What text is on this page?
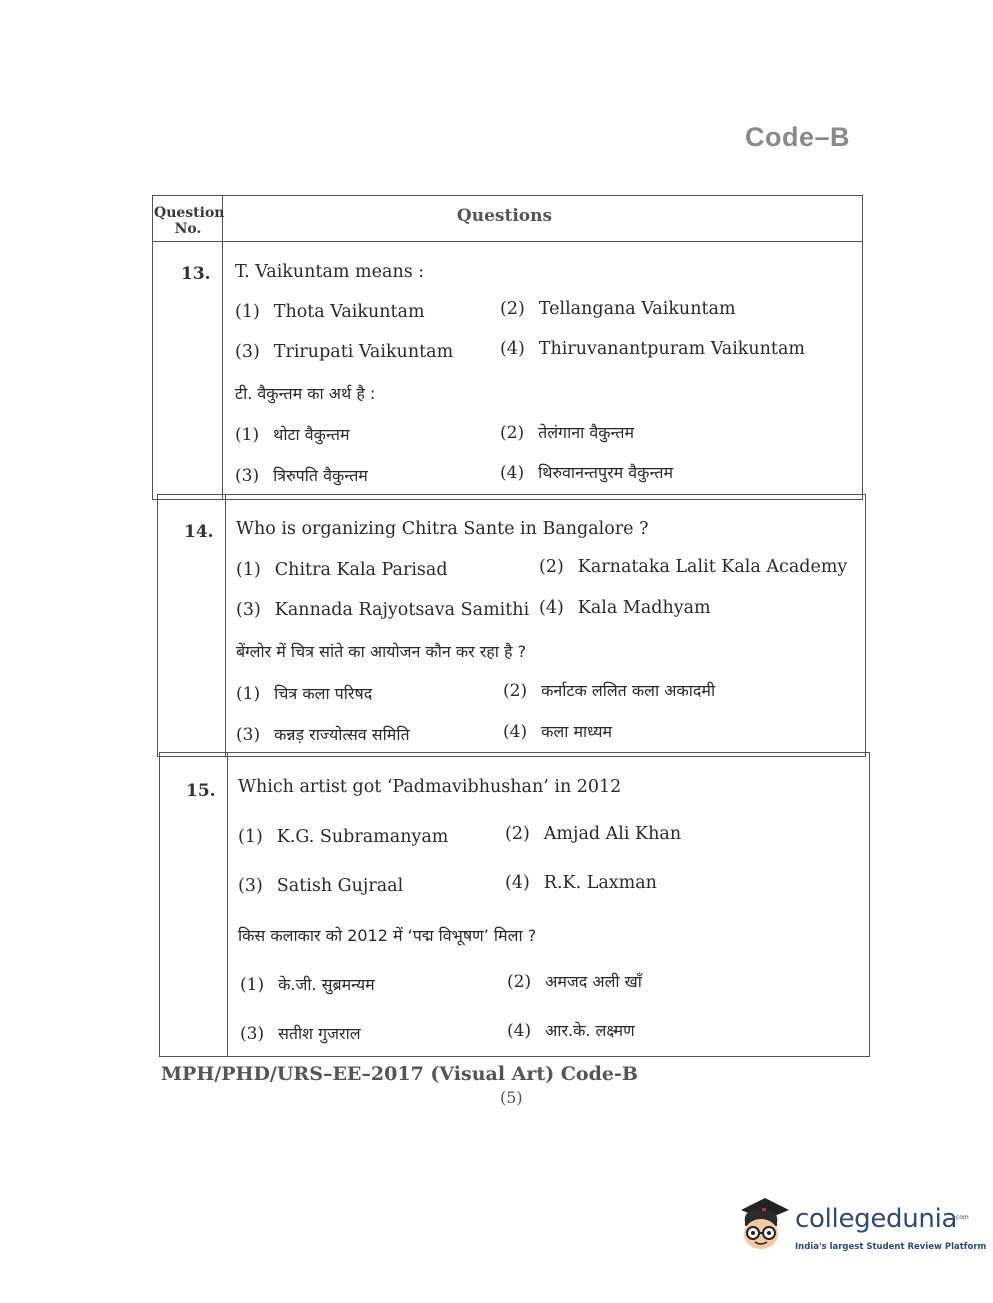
Code–B
Question
No.
Questions
13. T. Vaikuntam means :
(1) Thota Vaikuntam	(2) Tellangana Vaikuntam
(3) Trirupati Vaikuntam	(4) Thiruvanantpuram Vaikuntam
टी. वैकुन्तम का अर्थ है :
(1) थोटा वैकुन्तम	(2) तेलंगाना वैकुन्तम
(3) त्रिरुपति वैकुन्तम	(4) थिरुवानन्तपुरम वैकुन्तम
14. Who is organizing Chitra Sante in Bangalore ?
(1) Chitra Kala Parisad	(2) Karnataka Lalit Kala Academy
(3) Kannada Rajyotsava Samithi (4) Kala Madhyam
बेंग्लोर में चित्र सांते का आयोजन कौन कर रहा है ?
(1) चित्र कला परिषद	(2) कर्नाटक ललित कला अकादमी
(3) कन्नड़ राज्योत्सव समिति	(4) कला माध्यम
15. Which artist got ‘Padmavibhushan’ in 2012
(1) K.G. Subramanyam	(2) Amjad Ali Khan
(3) Satish Gujraal	(4) R.K. Laxman
किस कलाकार को 2012 में ‘पद्म विभूषण’ मिला ?
(1) के.जी. सुब्रमन्यम	(2) अमजद अली खाँ
(3) सतीश गुजराल	(4) आर.के. लक्ष्मण
MPH/PHD/URS–EE–2017 (Visual Art) Code-B
(5)
collegedunia
.com
India's largest Student Review Platform
